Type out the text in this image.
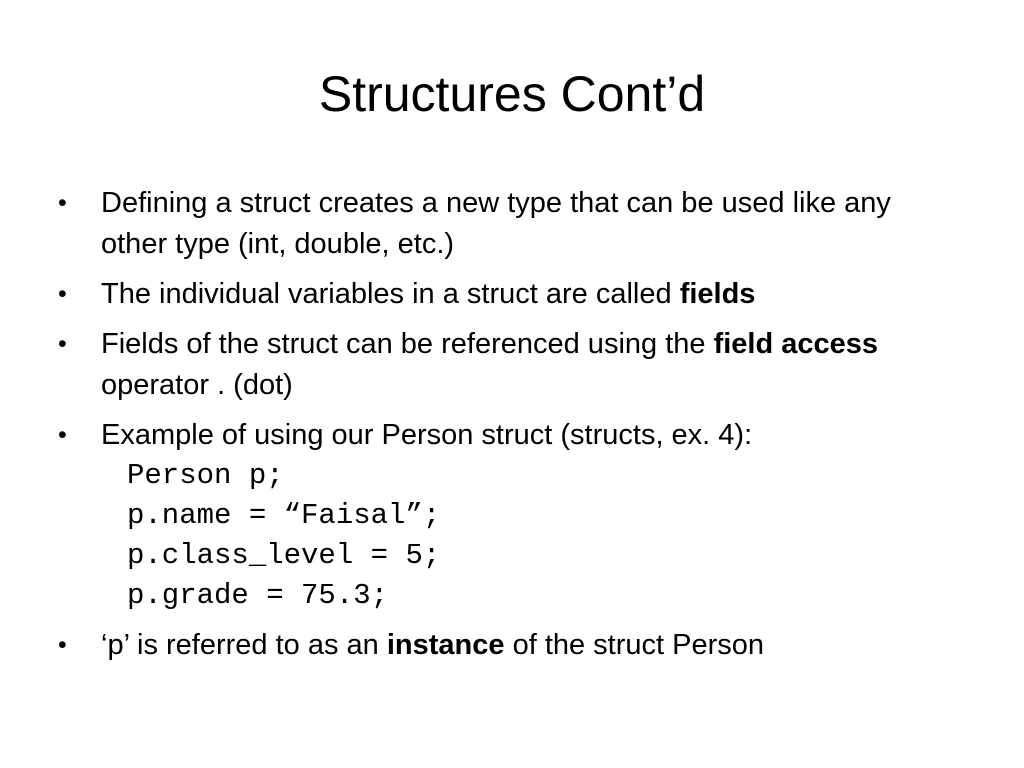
Structures Cont’d
•	Defining a struct creates a new type that can be used like any other type (int, double, etc.)
•	The individual variables in a struct are called fields
•	Fields of the struct can be referenced using the field access operator . (dot)
•	Example of using our Person struct (structs, ex. 4):
Person p;
p.name = “Faisal”;
p.class_level = 5;
p.grade = 75.3;
•	‘p’ is referred to as an instance of the struct Person
